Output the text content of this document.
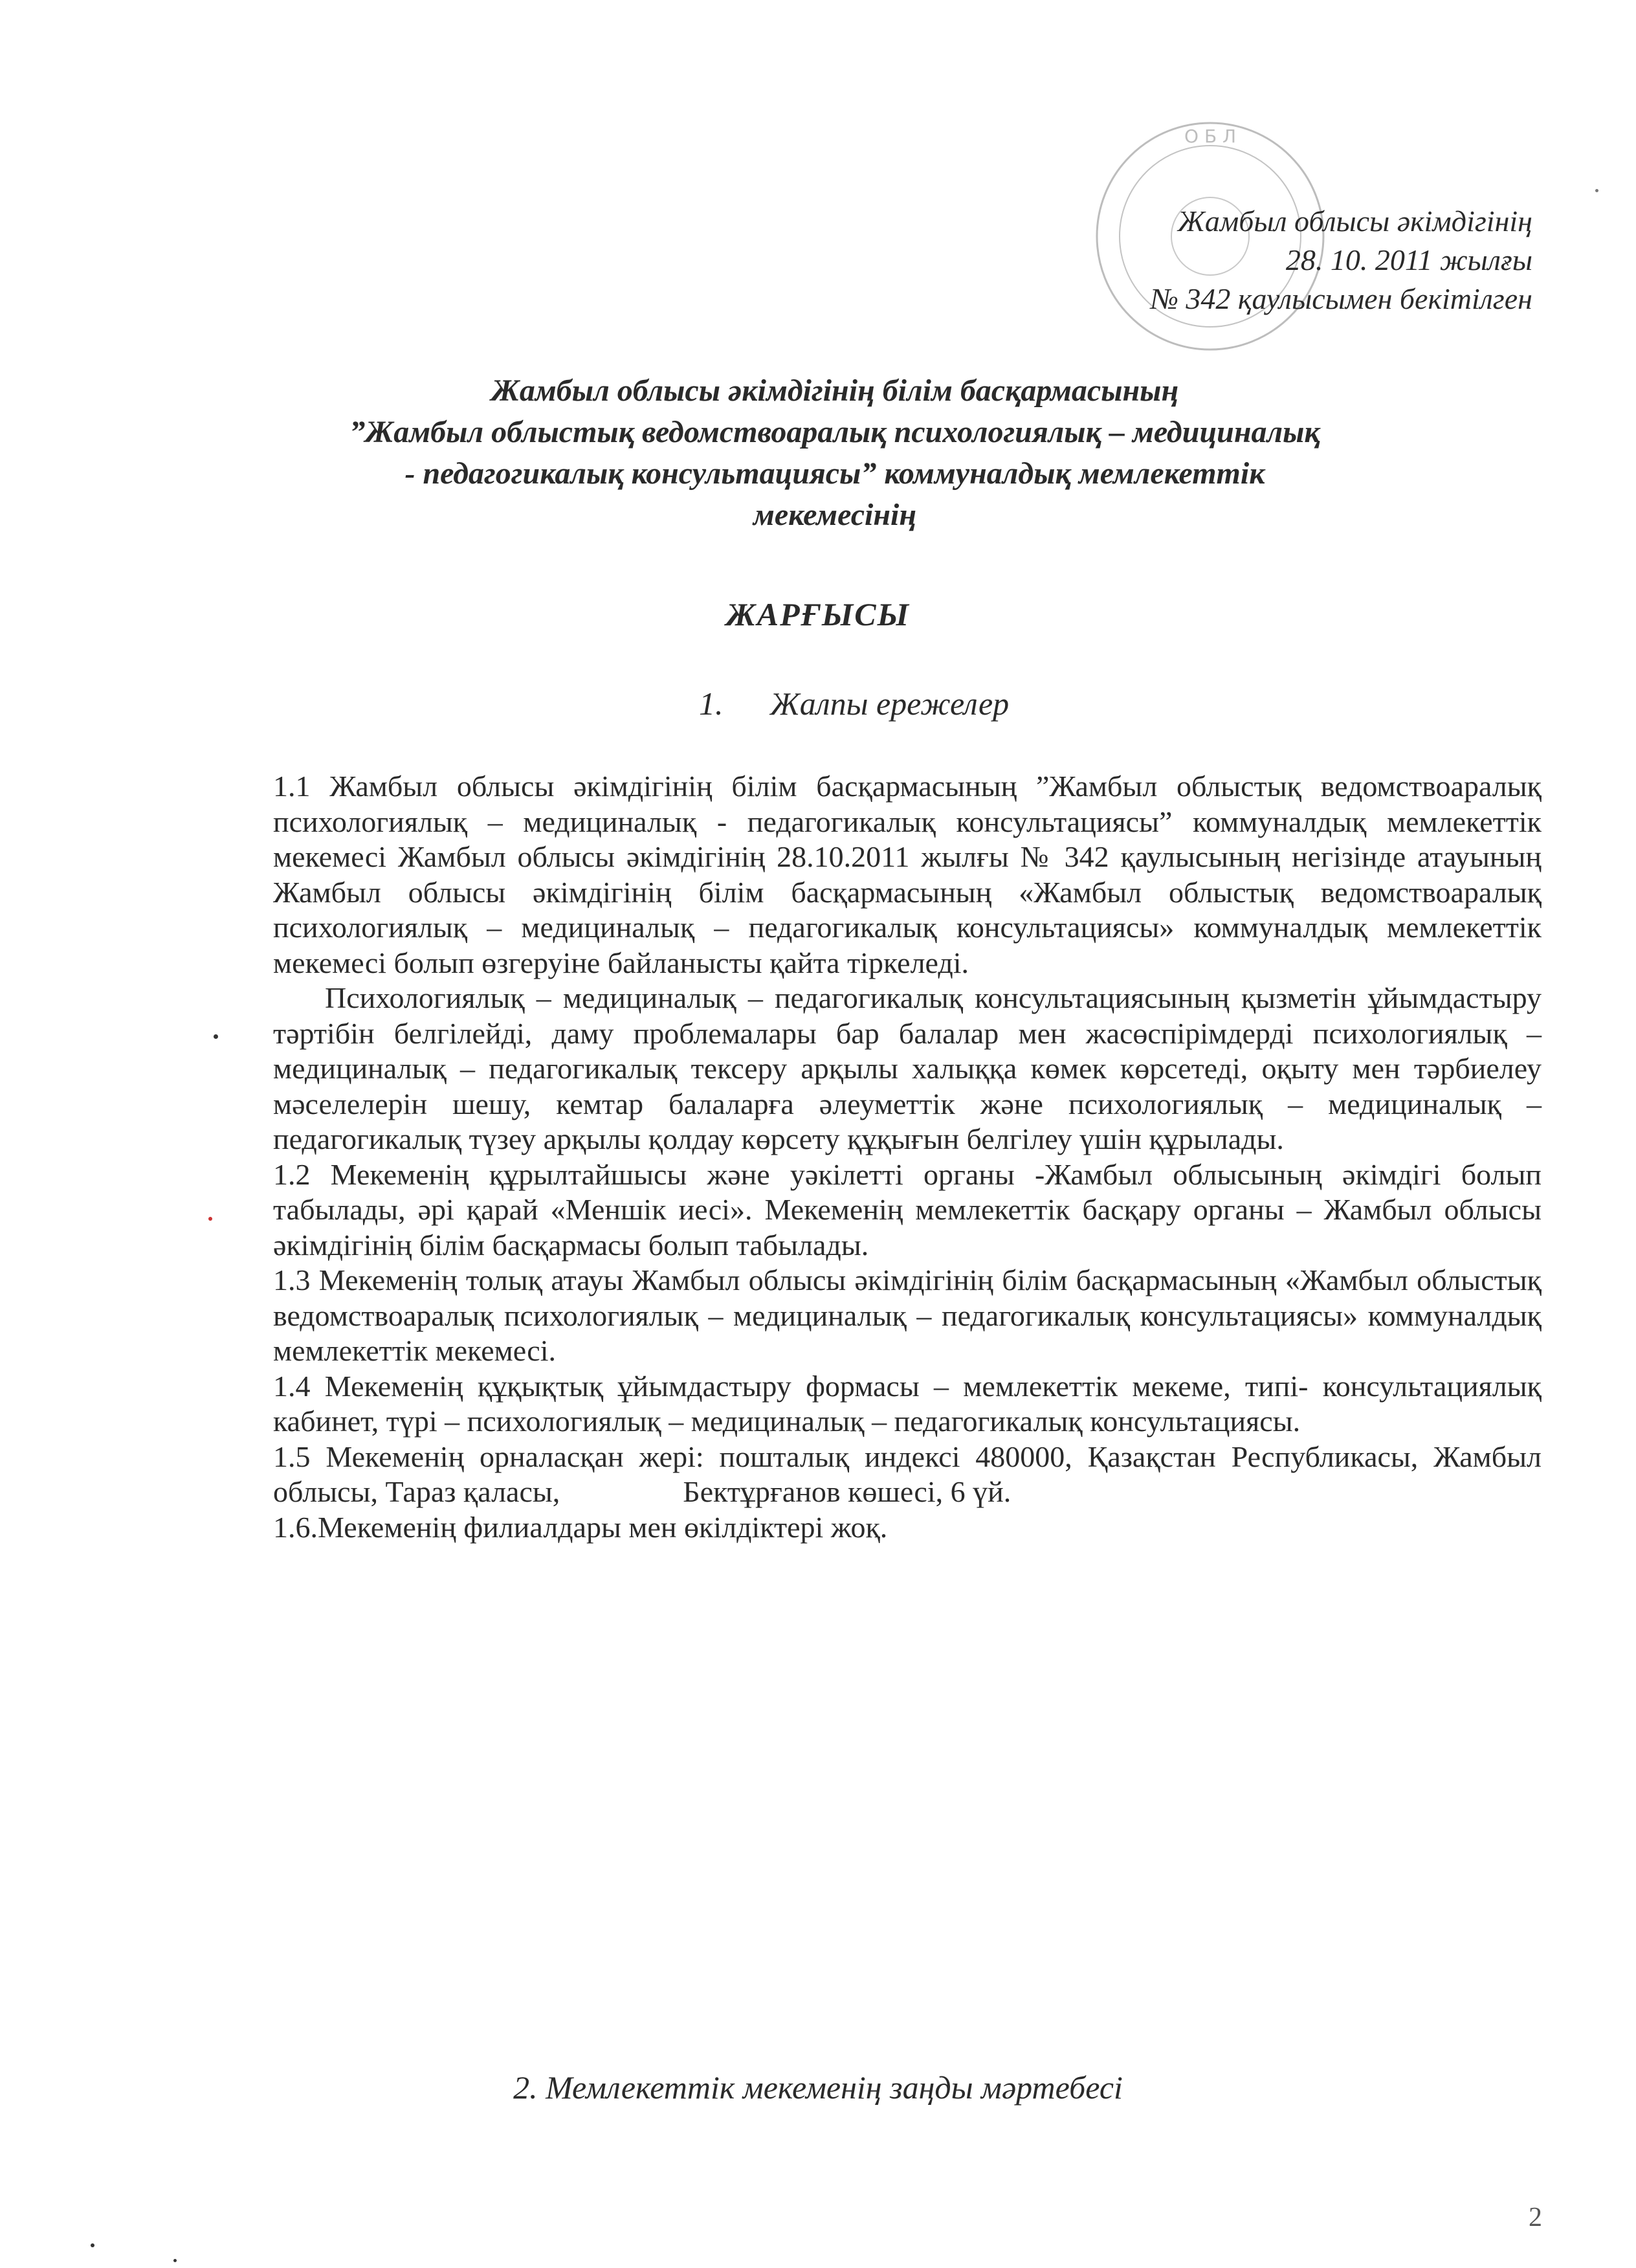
О Б Л
Жамбыл облысы әкімдігінің
28. 10. 2011 жылғы
№ 342 қаулысымен бекітілген
Жамбыл облысы әкімдігінің білім басқармасының
”Жамбыл облыстық ведомствоаралық психологиялық – медициналық
- педагогикалық консультациясы” коммуналдық мемлекеттік
мекемесінің
ЖАРҒЫСЫ
1. Жалпы ережелер

1.1 Жамбыл облысы әкімдігінің білім басқармасының ”Жамбыл облыстық ведомствоаралық психологиялық – медициналық - педагогикалық консультациясы” коммуналдық мемлекеттік мекемесі Жамбыл облысы әкімдігінің 28.10.2011 жылғы № 342 қаулысының негізінде атауының Жамбыл облысы әкімдігінің білім басқармасының «Жамбыл облыстық ведомствоаралық психологиялық – медициналық – педагогикалық консультациясы» коммуналдық мемлекеттік мекемесі болып өзгеруіне байланысты қайта тіркеледі.

Психологиялық – медициналық – педагогикалық консультациясының қызметін ұйымдастыру тәртібін белгілейді, даму проблемалары бар балалар мен жасөспірімдерді психологиялық – медициналық – педагогикалық тексеру арқылы халыққа көмек көрсетеді, оқыту мен тәрбиелеу мәселелерін шешу, кемтар балаларға әлеуметтік және психологиялық – медициналық – педагогикалық түзеу арқылы қолдау көрсету құқығын белгілеу үшін құрылады.

1.2 Мекеменің құрылтайшысы және уәкілетті органы -Жамбыл облысының әкімдігі болып табылады, әрі қарай «Меншік иесі». Мекеменің мемлекеттік басқару органы – Жамбыл облысы әкімдігінің білім басқармасы болып табылады.

1.3 Мекеменің толық атауы Жамбыл облысы әкімдігінің білім басқармасының «Жамбыл облыстық ведомствоаралық психологиялық – медициналық – педагогикалық консультациясы» коммуналдық мемлекеттік мекемесі.

1.4 Мекеменің құқықтық ұйымдастыру формасы – мемлекеттік мекеме, типі- консультациялық кабинет, түрі – психологиялық – медициналық – педагогикалық консультациясы.

1.5 Мекеменің орналасқан жері: пошталық индексі 480000, Қазақстан Республикасы, Жамбыл облысы, Тараз қаласы,	Бектұрғанов көшесі, 6 үй.

1.6.Мекеменің филиалдары мен өкілдіктері жоқ.

2. Мемлекеттік мекеменің заңды мәртебесі
2
